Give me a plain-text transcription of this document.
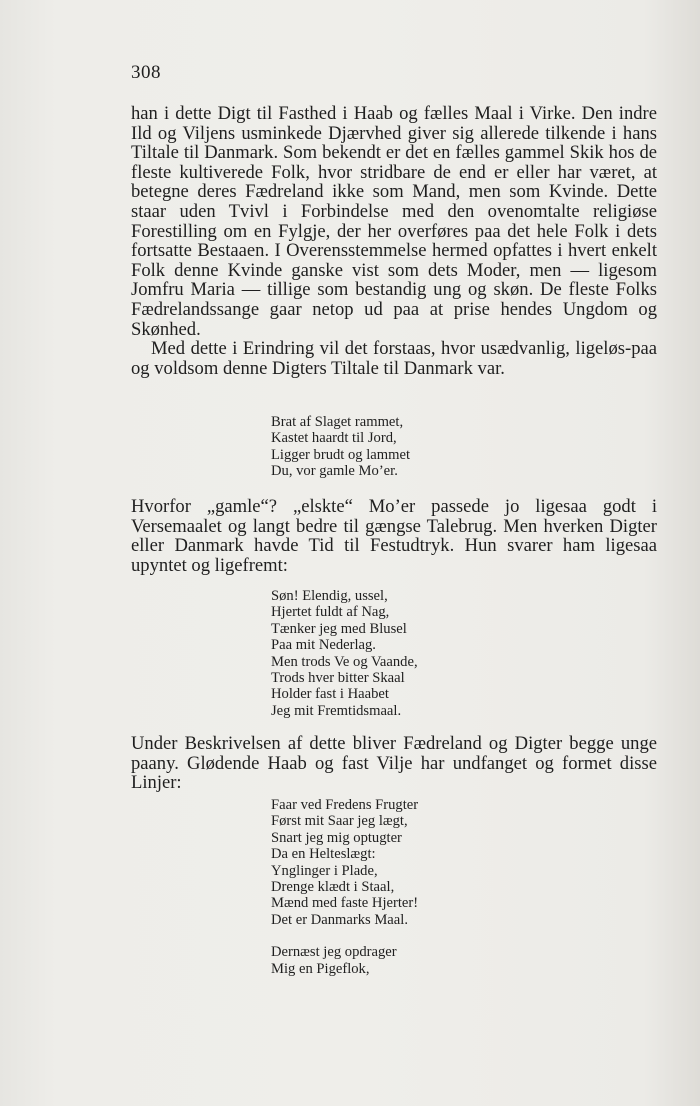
308

han i dette Digt til Fasthed i Haab og fælles Maal i Virke. Den indre Ild og Viljens usminkede Djærvhed giver sig allerede tilkende i hans Tiltale til Danmark. Som bekendt er det en fælles gammel Skik hos de fleste kultiverede Folk, hvor stridbare de end er eller har været, at betegne deres Fædreland ikke som Mand, men som Kvinde. Dette staar uden Tvivl i Forbindelse med den ovenomtalte religiøse Forestilling om en Fylgje, der her overføres paa det hele Folk i dets fortsatte Bestaaen. I Overensstemmelse hermed opfattes i hvert enkelt Folk denne Kvinde ganske vist som dets Moder, men — ligesom Jomfru Maria — tillige som bestandig ung og skøn. De fleste Folks Fædrelandssange gaar netop ud paa at prise hendes Ungdom og Skønhed.

Med dette i Erindring vil det forstaas, hvor usædvanlig, ligeløs-paa og voldsom denne Digters Tiltale til Danmark var.

Brat af Slaget rammet,
Kastet haardt til Jord,
Ligger brudt og lammet
Du, vor gamle Mo’er.

Hvorfor „gamle“? „elskte“ Mo’er passede jo ligesaa godt i Versemaalet og langt bedre til gængse Talebrug. Men hverken Digter eller Danmark havde Tid til Festudtryk. Hun svarer ham ligesaa upyntet og ligefremt:

Søn! Elendig, ussel,
Hjertet fuldt af Nag,
Tænker jeg med Blusel
Paa mit Nederlag.
Men trods Ve og Vaande,
Trods hver bitter Skaal
Holder fast i Haabet
Jeg mit Fremtidsmaal.

Under Beskrivelsen af dette bliver Fædreland og Digter begge unge paany. Glødende Haab og fast Vilje har undfanget og formet disse Linjer:

Faar ved Fredens Frugter
Først mit Saar jeg lægt,
Snart jeg mig optugter
Da en Helteslægt:
Ynglinger i Plade,
Drenge klædt i Staal,
Mænd med faste Hjerter!
Det er Danmarks Maal.
Dernæst jeg opdrager
Mig en Pigeflok,
